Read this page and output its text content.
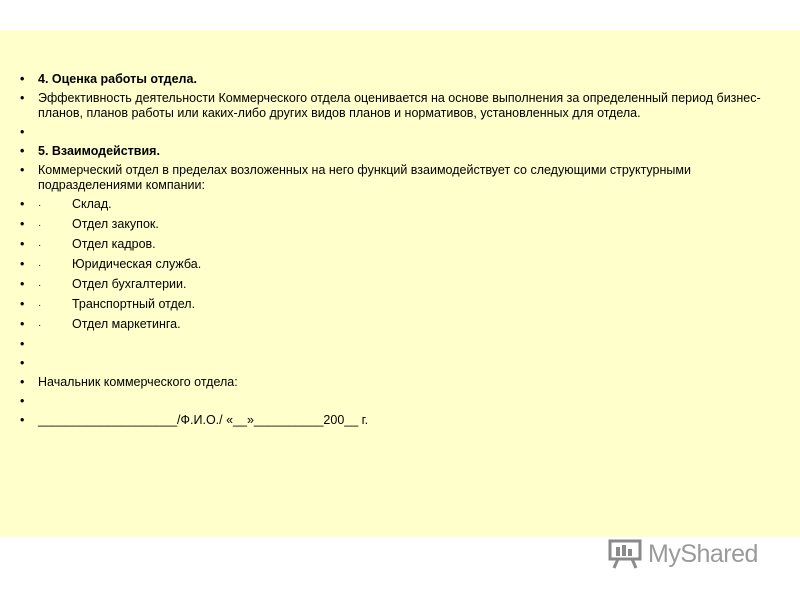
•	4. Оценка работы отдела.
•	Эффективность деятельности Коммерческого отдела оценивается на основе выполнения за определенный период бизнес-планов, планов работы или каких-либо других видов планов и нормативов, установленных для отдела.
•
•	5. Взаимодействия.
•	Коммерческий отдел в пределах возложенных на него функций взаимодействует со следующими структурными подразделениями компании:
•	· Склад.
•	· Отдел закупок.
•	· Отдел кадров.
•	· Юридическая служба.
•	· Отдел бухгалтерии.
•	· Транспортный отдел.
•	· Отдел маркетинга.
•
•
•	Начальник коммерческого отдела:
•
•	____________________/Ф.И.О./ «__»__________200__ г.
MyShared
